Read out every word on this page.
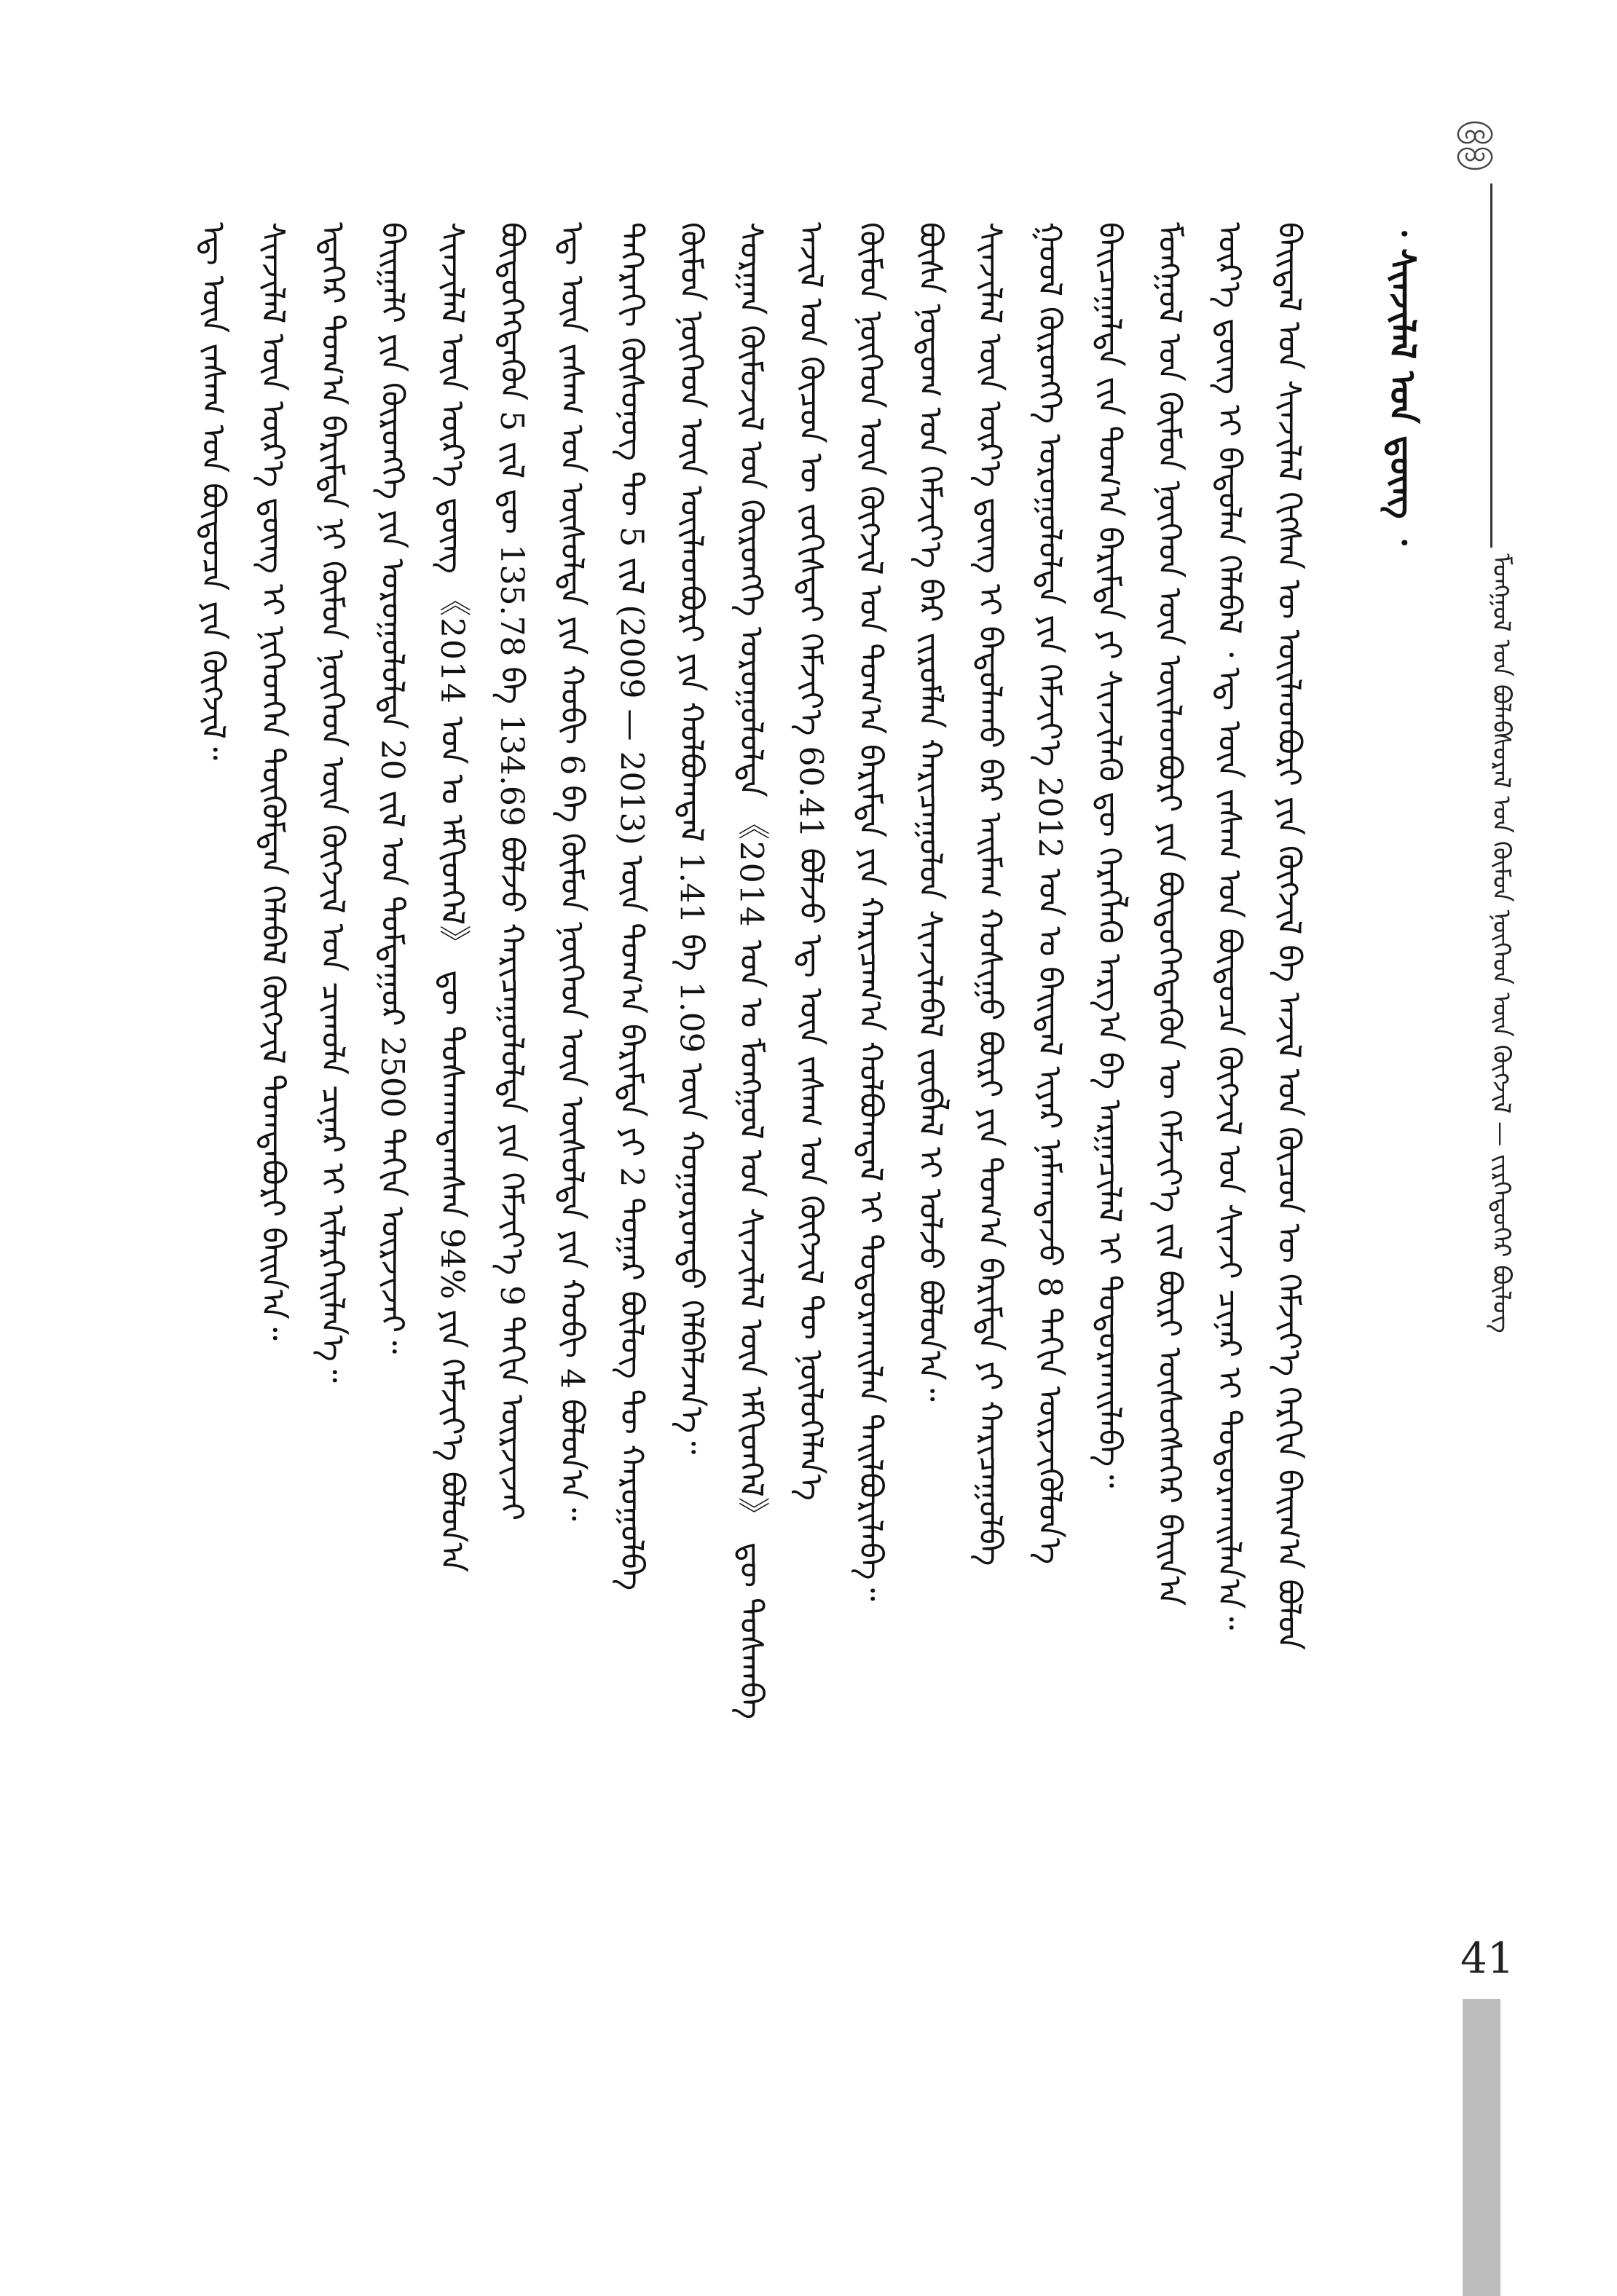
ᠮᠣᠩᠭᠣᠯ ᠤᠨ ᠪᠣᠯᠠᠪᠰᠤᠷᠠᠯ ᠤᠨ ᠬᠦᠮᠦᠨ ᠨᠥᠭᠡᠳ ᠦᠨ ᠬᠥᠭᠵᠢᠯ — ᠵᠢᠷᠭᠡᠳᠦᠭᠡᠷ ᠪᠦᠯᠦᠭ
᠂ ᠰᠢᠨᠵᠢᠯᠡᠯ ᠤᠨ ᠳ᠋ᠦᠩ ᠂
ᠪᠠᠢᠳᠠᠯ ᠤᠨ ᠰᠢᠨᠵᠢᠯᠡᠯ ᠬᠢᠭᠰᠡᠨ ᠦ ᠦᠢᠯᠡᠳᠪᠦᠷᠢ ᠶᠢᠨ ᠬᠥᠭᠵᠢᠯ ᠪᠠ ᠠᠵᠢᠯ ᠤᠨ ᠬᠦᠴᠦᠨ ᠦ ᠬᠡᠮᠵᠢᠶ᠎ᠡ ᠬᠡᠷᠬᠢᠨ ᠪᠠᠢᠭ᠎ᠠ ᠪᠣᠯᠤᠨ
ᠦᠷ᠎ᠡ ᠳ᠋ᠦᠩ ᠢ ᠪᠠᠲᠤᠯᠠᠨ ᠬᠡᠯᠡᠪᠡᠯ ᠂ ᠡᠳ᠋ ᠦᠨ ᠵᠠᠰᠠᠭ ᠤᠨ ᠪᠦᠲᠦᠴᠡ ᠬᠥᠭᠵᠢᠯ ᠤᠨ ᠰᠢᠨᠵᠢ ᠴᠢᠨᠠᠷ ᠢ ᠲᠣᠳᠣᠷᠬᠠᠢᠯᠠᠨ᠎ᠠ᠃
ᠮᠣᠩᠭᠣᠯ ᠤᠨ ᠬᠦᠮᠦᠨ ᠨᠥᠭᠡᠳ ᠦᠨ ᠦᠢᠯᠡᠳᠪᠦᠷᠢ ᠶᠢᠨ ᠪᠦᠲᠦᠭᠡᠭᠳᠡᠬᠦᠨ ᠦ ᠬᠡᠮᠵᠢᠶ᠎ᠡ ᠵᠢᠯ ᠪᠦᠷᠢ ᠥᠰᠦᠭᠰᠡᠭᠡᠷ ᠪᠠᠢᠨ᠎ᠠ
ᠪᠠᠢᠴᠠᠭᠠᠯᠲᠠ ᠵᠢᠨ ᠲᠣᠭ᠎ᠠ ᠪᠠᠷᠢᠮᠲᠠ ᠶᠢ ᠰᠢᠨᠵᠢᠯᠡᠬᠦ ᠳᠦ ᠬᠡᠷᠡᠭᠯᠡᠬᠦ ᠠᠷᠭ᠎ᠠ ᠪᠠ ᠠᠷᠭᠠᠴᠢᠯᠠᠯ ᠢ ᠲᠣᠳᠣᠷᠬᠠᠢᠯᠠᠪᠠ᠃
ᠭᠣᠣᠯ ᠬᠥᠷᠥᠩᠭᠡ ᠣᠷᠣᠭᠤᠯᠤᠯᠲᠠ ᠶᠢᠨ ᠬᠡᠮᠵᠢᠶ᠎ᠡ 2012 ᠣᠨ ᠤ ᠪᠠᠢᠳᠠᠯ ᠢᠶᠠᠷ ᠨᠡᠮᠡᠭ᠍ᠳᠡᠵᠦ 8 ᠳᠠᠬᠢᠨ ᠦᠷᠵᠢᠭᠦᠯᠦᠨ᠎ᠡ
ᠰᠢᠨᠵᠢᠯᠡᠯ ᠦᠨ ᠦᠷ᠎ᠡ ᠳ᠋ᠦᠩ ᠢ ᠪᠠᠲᠤᠯᠠᠬᠤ ᠪᠠᠷ ᠠᠢᠮᠠᠭ ᠬᠣᠰᠢᠭᠤ ᠪᠦᠷᠢ ᠶᠢᠨ ᠲᠣᠭ᠎ᠠ ᠪᠠᠷᠢᠮᠲᠠ ᠶᠢ ᠬᠠᠷᠢᠴᠠᠭᠤᠯᠪᠠ
ᠪᠦᠰᠡ ᠨᠤᠲᠤᠭ ᠤᠨ ᠬᠡᠮᠵᠢᠶ᠎ᠡ ᠪᠡᠷ ᠵᠢᠷᠤᠮᠯᠠᠨ ᠬᠠᠷᠢᠴᠠᠭᠤᠯᠤᠨ ᠰᠢᠨᠵᠢᠯᠡᠪᠡᠯ ᠵᠥᠪᠯᠡᠯ ᠢ ᠣᠯᠵᠤ ᠪᠣᠯᠤᠨ᠎ᠠ᠃
ᠬᠦᠮᠦᠨ ᠨᠥᠭᠡᠳ ᠦᠨ ᠬᠥᠭᠵᠢᠯ ᠤᠨ ᠲᠣᠭ᠎ᠠ ᠪᠠᠷᠢᠮᠲᠠ ᠶᠢᠨ ᠬᠠᠷᠢᠴᠠᠭ᠎ᠠ ᠬᠣᠯᠪᠣᠭᠳᠠᠯ ᠢ ᠲᠣᠳᠣᠷᠬᠠᠢᠯᠠᠨ ᠲᠠᠢᠯᠪᠤᠷᠢᠯᠠᠪᠠ᠃
ᠠᠵᠢᠯ ᠤᠨ ᠬᠦᠴᠦᠨ ᠦ ᠵᠣᠬᠢᠰᠲᠠᠢ ᠬᠡᠮᠵᠢᠶ᠎ᠡ 60.41 ᠪᠣᠯᠵᠤ ᠡᠳ᠋ ᠦᠨ ᠵᠠᠰᠠᠭ ᠤᠨ ᠬᠥᠭᠵᠢᠯ ᠲᠦ ᠨᠥᠯᠥᠭᠡᠯᠡᠨ᠎ᠡ
ᠰᠤᠷᠭᠠᠨ ᠬᠦᠮᠦᠵᠢᠯ ᠤᠨ ᠬᠥᠷᠥᠩᠭᠡ ᠣᠷᠣᠭᠤᠯᠤᠯᠲᠠ 《2014 ᠣᠨ ᠤ ᠮᠣᠩᠭᠣᠯ ᠤᠨ ᠰᠢᠨᠵᠢᠯᠡᠯ ᠦᠨ ᠡᠮᠬᠢᠳᠬᠡᠯ》 ᠳᠦ ᠲᠤᠰᠬᠠᠪᠠ
ᠬᠦᠮᠦᠨ ᠨᠥᠭᠡᠳ ᠦᠨ ᠦᠢᠯᠡᠳᠪᠦᠷᠢ ᠶᠢᠨ ᠬᠣᠯᠪᠣᠭᠳᠠᠯ 1.41 ᠪᠠ 1.09 ᠦᠨ ᠬᠣᠭᠣᠷᠣᠨᠳᠣ ᠬᠡᠯᠪᠡᠯᠵᠡᠨ᠎ᠡ᠃
ᠳᠡᠭᠡᠷᠡᠬᠢ ᠬᠦᠰᠦᠨᠦᠭ ᠲᠦ 5 ᠵᠢᠯ (2009 — 2013) ᠦᠨ ᠲᠣᠭ᠎ᠠ ᠪᠠᠷᠢᠮᠲᠠ ᠶᠢ 2 ᠳᠤᠭᠠᠷ ᠪᠦᠯᠦᠭ ᠲᠦ ᠬᠠᠷᠤᠭᠤᠯᠪᠠ
ᠡᠳ᠋ ᠦᠨ ᠵᠠᠰᠠᠭ ᠤᠨ ᠥᠰᠦᠯᠲᠡ ᠶᠢᠨ ᠬᠤᠪᠢ 6 ᠪᠠ ᠬᠦᠮᠦᠨ ᠨᠥᠭᠡᠳ ᠦᠨ ᠥᠰᠦᠯᠲᠡ ᠶᠢᠨ ᠬᠤᠪᠢ 4 ᠪᠣᠯᠤᠨ᠎ᠠ᠃
ᠪᠦᠲᠦᠭᠡᠭᠳᠡᠬᠦᠨ 5 ᠵᠢᠯ ᠳᠦ 135.78 ᠪᠠ 134.69 ᠪᠣᠯᠵᠤ ᠬᠠᠷᠢᠴᠠᠭᠤᠯᠤᠯᠲᠠ ᠶᠢᠨ ᠬᠡᠮᠵᠢᠶ᠎ᠡ 9 ᠳᠠᠬᠢᠨ ᠦᠷᠵᠢᠵᠡᠢ
ᠰᠢᠨᠵᠢᠯᠡᠯ ᠦᠨ ᠦᠷ᠎ᠡ ᠳ᠋ᠦᠩ 《2014 ᠣᠨ ᠤ ᠡᠮᠬᠢᠳᠬᠡᠯ》 ᠳᠦ ᠲᠤᠰᠬᠠᠭᠳᠠᠭᠰᠠᠨ 94% ᠶᠢᠨ ᠬᠡᠮᠵᠢᠶ᠎ᠡ ᠪᠣᠯᠤᠨ᠎ᠠ
ᠪᠠᠢᠭᠠᠯᠢ ᠶᠢᠨ ᠬᠥᠷᠥᠩᠭᠡ ᠶᠢᠨ ᠣᠷᠣᠭᠤᠯᠤᠯᠲᠠ 20 ᠵᠢᠯ ᠤᠨ ᠳᠤᠮᠳᠠᠭᠤᠷ 2500 ᠳᠠᠬᠢᠨ ᠦᠷᠵᠢᠵᠡᠢ᠃
ᠡᠳᠡᠭᠡᠷ ᠲᠣᠭ᠎ᠠ ᠪᠠᠷᠢᠮᠲᠠ ᠨᠢ ᠬᠦᠮᠦᠨ ᠨᠥᠭᠡᠳ ᠦᠨ ᠬᠥᠭᠵᠢᠯ ᠤᠨ ᠴᠢᠬᠤᠯᠠ ᠴᠢᠨᠠᠷ ᠢ ᠢᠯᠡᠷᠬᠡᠢᠯᠡᠨ᠎ᠡ᠃
ᠰᠢᠨᠵᠢᠯᠡᠯ ᠦᠨ ᠦᠷ᠎ᠡ ᠳ᠋ᠦᠩ ᠢ ᠨᠢᠭᠡᠳᠬᠡᠨ ᠳᠦᠭᠦᠮᠳᠡᠨ ᠬᠡᠯᠡᠪᠡᠯ ᠬᠥᠭᠵᠢᠯ ᠲᠣᠭᠲᠠᠪᠤᠷᠢ ᠪᠠᠢᠨ᠎ᠠ᠃
ᠡᠳ᠋ ᠦᠨ ᠵᠠᠰᠠᠭ ᠤᠨ ᠪᠦᠲᠦᠴᠡ ᠶᠢᠨ ᠬᠥᠭᠵᠢᠯ᠃
41
